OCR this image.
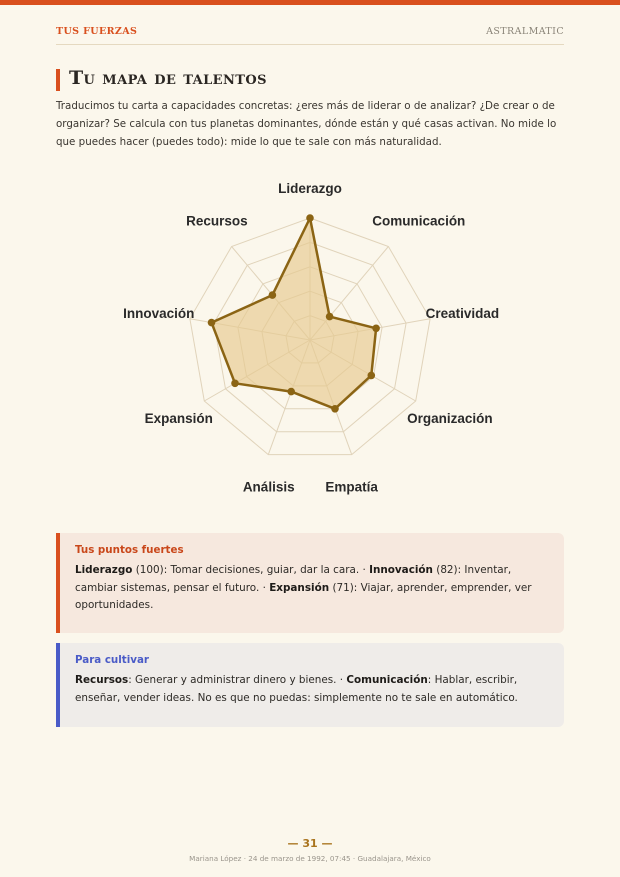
TUS FUERZAS	ASTRALMATIC
Tu mapa de talentos
Traducimos tu carta a capacidades concretas: ¿eres más de liderar o de analizar? ¿De crear o de organizar? Se calcula con tus planetas dominantes, dónde están y qué casas activan. No mide lo que puedes hacer (puedes todo): mide lo que te sale con más naturalidad.
Liderazgo
Comunicación
Creatividad
Organización
Empatía
Análisis
Expansión
Innovación
Recursos
Tus puntos fuertes
Liderazgo (100): Tomar decisiones, guiar, dar la cara. · Innovación (82): Inventar, cambiar sistemas, pensar el futuro. · Expansión (71): Viajar, aprender, emprender, ver oportunidades.
Para cultivar
Recursos: Generar y administrar dinero y bienes. · Comunicación: Hablar, escribir, enseñar, vender ideas. No es que no puedas: simplemente no te sale en automático.
— 31 —
Mariana López · 24 de marzo de 1992, 07:45 · Guadalajara, México
